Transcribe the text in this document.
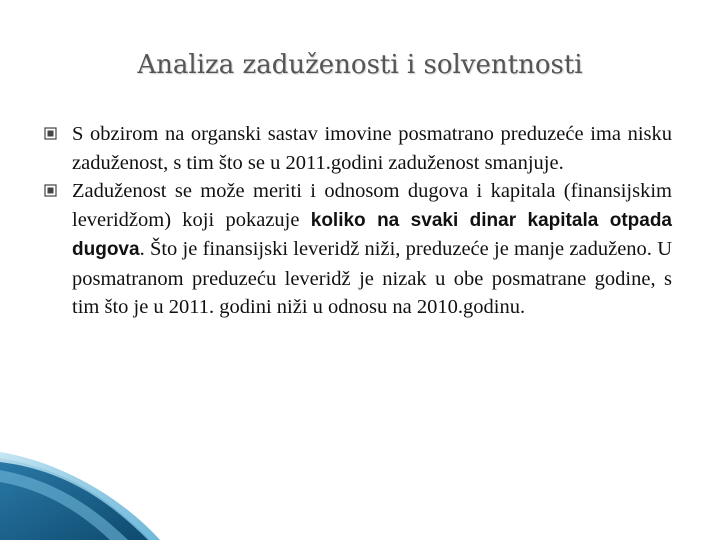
Analiza zaduženosti i solventnosti
S obzirom na organski sastav imovine posmatrano preduzeće ima nisku zaduženost, s tim što se u 2011.godini zaduženost smanjuje.
Zaduženost se može meriti i odnosom dugova i kapitala (finansijskim leveridžom) koji pokazuje koliko na svaki dinar kapitala otpada dugova. Što je finansijski leveridž niži, preduzeće je manje zaduženo. U posmatranom preduzeću leveridž je nizak u obe posmatrane godine, s tim što je u 2011. godini niži u odnosu na 2010.godinu.
